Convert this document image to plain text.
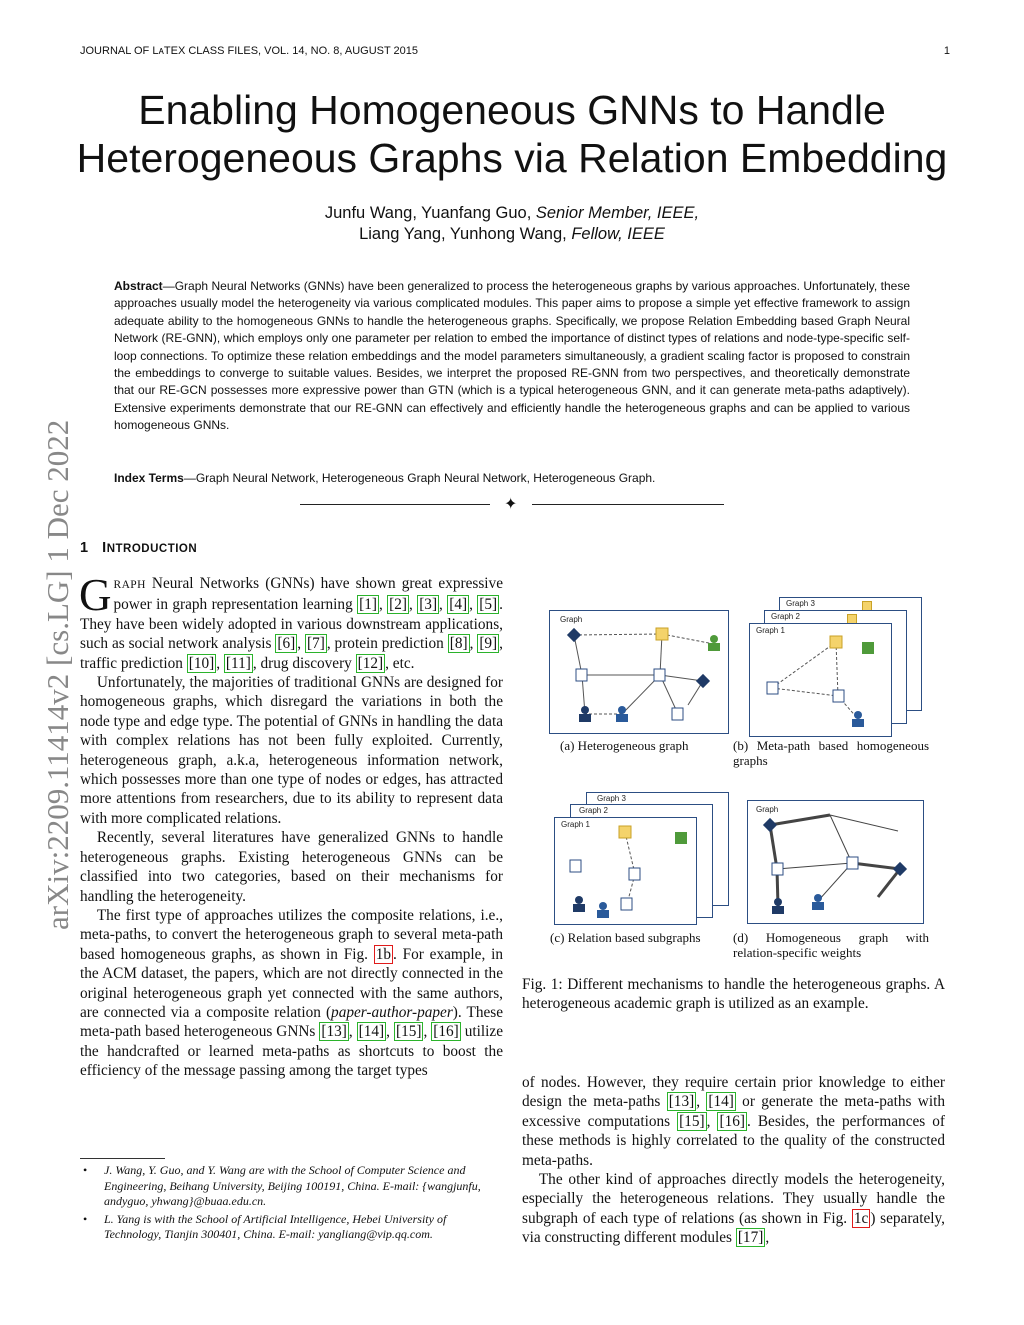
JOURNAL OF LᴀTEX CLASS FILES, VOL. 14, NO. 8, AUGUST 2015	1
arXiv:2209.11414v2 [cs.LG] 1 Dec 2022
Enabling Homogeneous GNNs to Handle Heterogeneous Graphs via Relation Embedding
Junfu Wang, Yuanfang Guo, Senior Member, IEEE,
Liang Yang, Yunhong Wang, Fellow, IEEE
Abstract—Graph Neural Networks (GNNs) have been generalized to process the heterogeneous graphs by various approaches. Unfortunately, these approaches usually model the heterogeneity via various complicated modules. This paper aims to propose a simple yet effective framework to assign adequate ability to the homogeneous GNNs to handle the heterogeneous graphs. Specifically, we propose Relation Embedding based Graph Neural Network (RE-GNN), which employs only one parameter per relation to embed the importance of distinct types of relations and node-type-specific self-loop connections. To optimize these relation embeddings and the model parameters simultaneously, a gradient scaling factor is proposed to constrain the embeddings to converge to suitable values. Besides, we interpret the proposed RE-GNN from two perspectives, and theoretically demonstrate that our RE-GCN possesses more expressive power than GTN (which is a typical heterogeneous GNN, and it can generate meta-paths adaptively). Extensive experiments demonstrate that our RE-GNN can effectively and efficiently handle the heterogeneous graphs and can be applied to various homogeneous GNNs.
Index Terms—Graph Neural Network, Heterogeneous Graph Neural Network, Heterogeneous Graph.
✦
1 INTRODUCTION

GRAPH Neural Networks (GNNs) have shown great expressive power in graph representation learning [1] , [2] , [3] , [4] , [5] . They have been widely adopted in various downstream applications, such as social network analysis [6] , [7] , protein prediction [8] , [9] , traffic prediction [10] , [11] , drug discovery [12] , etc.

Unfortunately, the majorities of traditional GNNs are designed for homogeneous graphs, which disregard the variations in both the node type and edge type. The potential of GNNs in handling the data with complex relations has not been fully exploited. Currently, heterogeneous graph, a.k.a, heterogeneous information network, which possesses more than one type of nodes or edges, has attracted more attentions from researchers, due to its ability to represent data with more complicated relations.

Recently, several literatures have generalized GNNs to handle heterogeneous graphs. Existing heterogeneous GNNs can be classified into two categories, based on their mechanisms for handling the heterogeneity.

The first type of approaches utilizes the composite relations, i.e., meta-paths, to convert the heterogeneous graph to several meta-path based homogeneous graphs, as shown in Fig. 1b . For example, in the ACM dataset, the papers, which are not directly connected in the original heterogeneous graph yet connected with the same authors, are connected via a composite relation (paper-author-paper). These meta-path based heterogeneous GNNs [13] , [14] , [15] , [16] utilize the handcrafted or learned meta-paths as shortcuts to boost the efficiency of the message passing among the target types

• J. Wang, Y. Guo, and Y. Wang are with the School of Computer Science and Engineering, Beihang University, Beijing 100191, China. E-mail: {wangjunfu, andyguo, yhwang}@buaa.edu.cn.
• L. Yang is with the School of Artificial Intelligence, Hebei University of Technology, Tianjin 300401, China. E-mail: yangliang@vip.qq.com.
Graph
Graph 3
Graph 2
Graph 1
(a) Heterogeneous graph	(b) Meta-path based homogeneous graphs
Graph 3
Graph 2
Graph 1
Graph
(c) Relation based subgraphs	(d) Homogeneous graph with relation-specific weights
Fig. 1: Different mechanisms to handle the heterogeneous graphs. A heterogeneous academic graph is utilized as an example.

of nodes. However, they require certain prior knowledge to either design the meta-paths [13] , [14] or generate the meta-paths with excessive computations [15] , [16] . Besides, the performances of these methods is highly correlated to the quality of the constructed meta-paths.

The other kind of approaches directly models the heterogeneity, especially the heterogeneous relations. They usually handle the subgraph of each type of relations (as shown in Fig. 1c ) separately, via constructing different modules [17] ,
